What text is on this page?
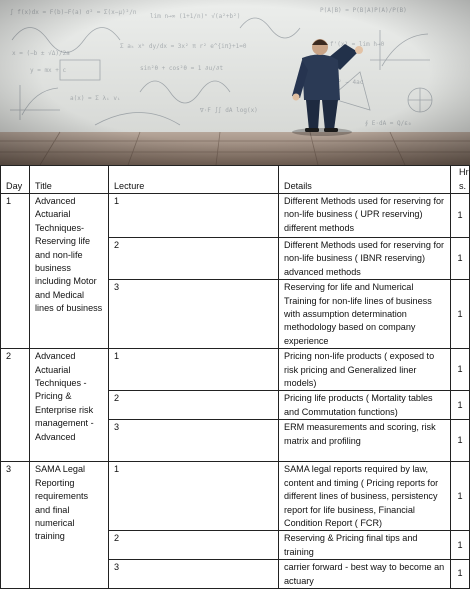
Day	Title	Lecture	Details	Hr s.
1	Advanced Actuarial Techniques- Reserving life and non-life business including Motor and Medical lines of business	1	Different Methods used for reserving for non-life business ( UPR reserving) different methods	1
		2	Different Methods used for reserving for non-life business ( IBNR reserving) advanced methods	1
		3	Reserving for life and Numerical Training for non-life lines of business with assumption determination methodology based on company experience	1
2	Advanced Actuarial Techniques - Pricing & Enterprise risk management - Advanced	1	Pricing non-life products ( exposed to risk pricing and Generalized liner models)	1
		2	Pricing life products ( Mortality tables and Commutation functions)	1
		3	ERM measurements and scoring, risk matrix and profiling	1
3	SAMA Legal Reporting requirements and final numerical training	1	SAMA legal reports required by law, content and timing ( Pricing reports for different lines of business, persistency report for life business, Financial Condition Report ( FCR)	1
		2	Reserving & Pricing final tips and training	1
		3	carrier forward - best way to become an actuary	1
